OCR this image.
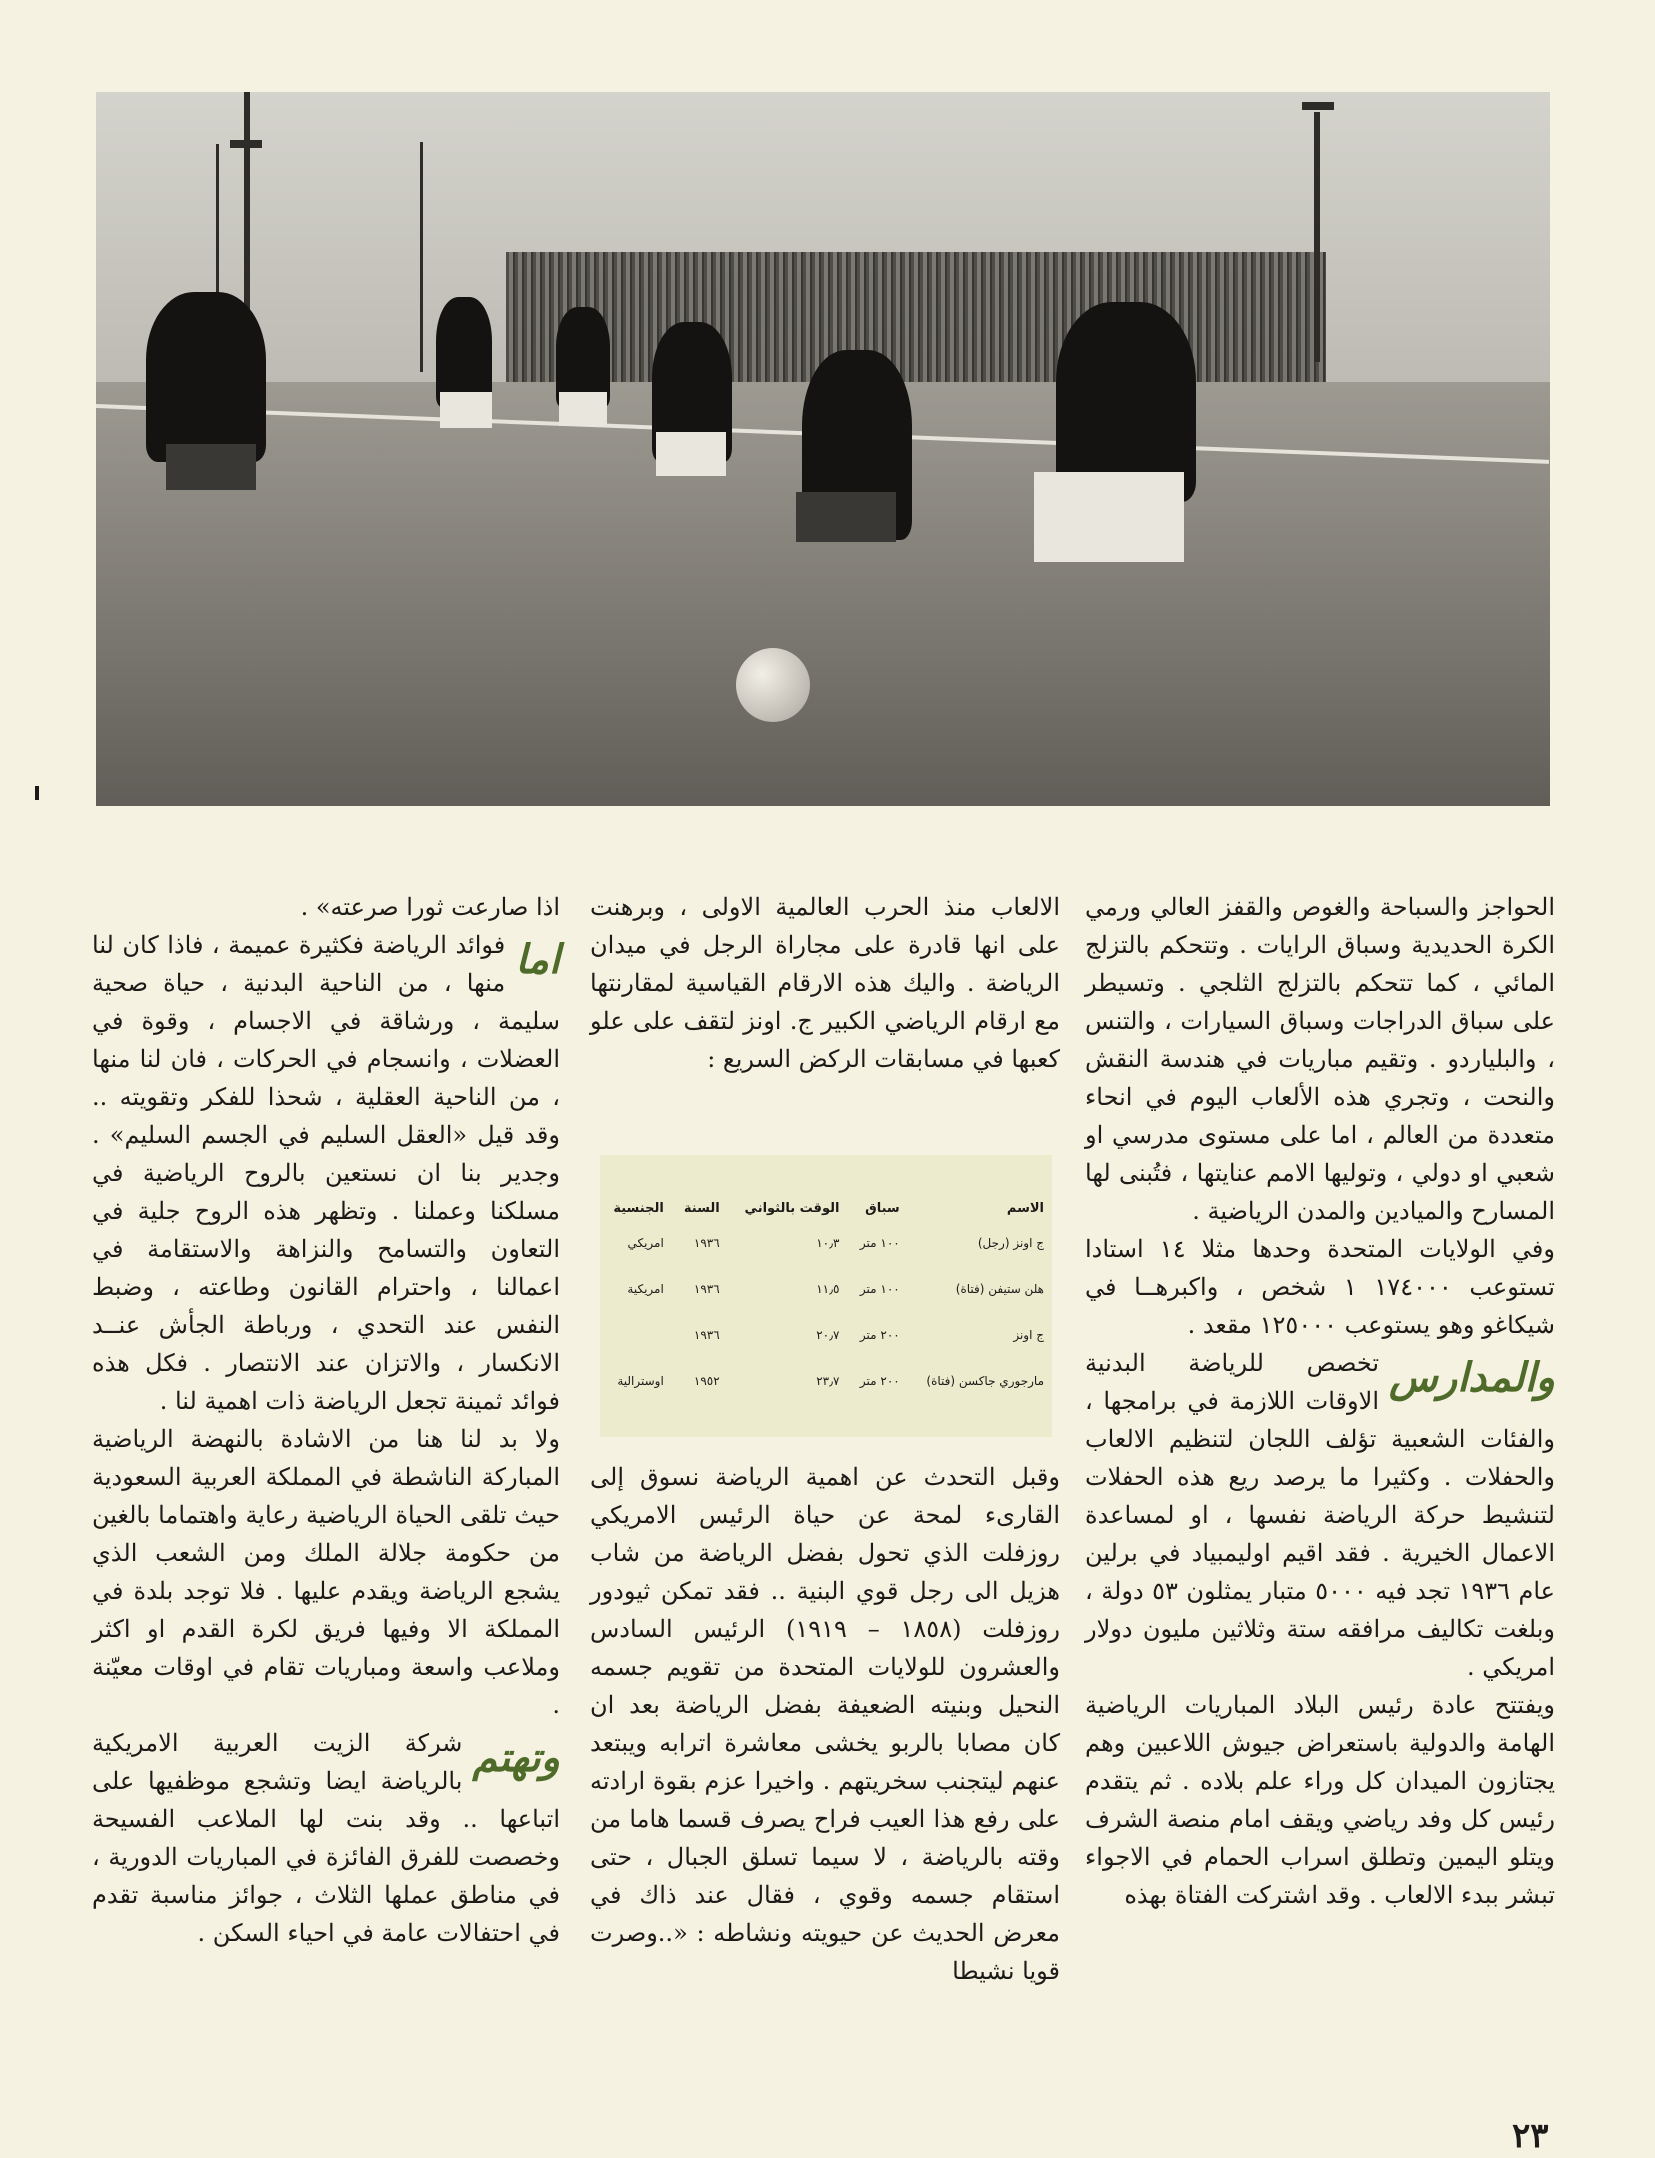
الحواجز والسباحة والغوص والقفز العالي ورمي الكرة الحديدية وسباق الرايات . وتتحكم بالتزلج المائي ، كما تتحكم بالتزلج الثلجي . وتسيطر على سباق الدراجات وسباق السيارات ، والتنس ، والبلياردو . وتقيم مباريات في هندسة النقش والنحت ، وتجري هذه الألعاب اليوم في انحاء متعددة من العالم ، اما على مستوى مدرسي او شعبي او دولي ، وتوليها الامم عنايتها ، فتُبنى لها المسارح والميادين والمدن الرياضية .

وفي الولايات المتحدة وحدها مثلا ١٤ استادا تستوعب ١٧٤٠٠٠ ١ شخص ، واكبرهــا في شيكاغو وهو يستوعب ١٢٥٠٠٠ مقعد .

والمدارس

تخصص للرياضة البدنية الاوقات اللازمة في برامجها ، والفئات الشعبية تؤلف اللجان لتنظيم الالعاب والحفلات . وكثيرا ما يرصد ريع هذه الحفلات لتنشيط حركة الرياضة نفسها ، او لمساعدة الاعمال الخيرية . فقد اقيم اوليمبياد في برلين عام ١٩٣٦ تجد فيه ٥٠٠٠ متبار يمثلون ٥٣ دولة ، وبلغت تكاليف مرافقه ستة وثلاثين مليون دولار امريكي .

ويفتتح عادة رئيس البلاد المباريات الرياضية الهامة والدولية باستعراض جيوش اللاعبين وهم يجتازون الميدان كل وراء علم بلاده . ثم يتقدم رئيس كل وفد رياضي ويقف امام منصة الشرف ويتلو اليمين وتطلق اسراب الحمام في الاجواء تبشر ببدء الالعاب . وقد اشتركت الفتاة بهذه

الالعاب منذ الحرب العالمية الاولى ، وبرهنت على انها قادرة على مجاراة الرجل في ميدان الرياضة . واليك هذه الارقام القياسية لمقارنتها مع ارقام الرياضي الكبير ج. اونز لتقف على علو كعبها في مسابقات الركض السريع :

الاسم	سباق	الوقت بالثواني	السنة	الجنسية
ج اونز (رجل)	١٠٠ متر	١٠٫٣	١٩٣٦	امريكي
هلن ستيفن (فتاة)	١٠٠ متر	١١٫٥	١٩٣٦	امريكية
ج اونز	٢٠٠ متر	٢٠٫٧	١٩٣٦	
مارجوري جاكسن (فتاة)	٢٠٠ متر	٢٣٫٧	١٩٥٢	اوسترالية

وقبل التحدث عن اهمية الرياضة نسوق إلى القارىء لمحة عن حياة الرئيس الامريكي روزفلت الذي تحول بفضل الرياضة من شاب هزيل الى رجل قوي البنية .. فقد تمكن ثيودور روزفلت (١٨٥٨ – ١٩١٩) الرئيس السادس والعشرون للولايات المتحدة من تقويم جسمه النحيل وبنيته الضعيفة بفضل الرياضة بعد ان كان مصابا بالربو يخشى معاشرة اترابه ويبتعد عنهم ليتجنب سخريتهم . واخيرا عزم بقوة ارادته على رفع هذا العيب فراح يصرف قسما هاما من وقته بالرياضة ، لا سيما تسلق الجبال ، حتى استقام جسمه وقوي ، فقال عند ذاك في معرض الحديث عن حيويته ونشاطه : «..وصرت قويا نشيطا

اذا صارعت ثورا صرعته» .

اما

فوائد الرياضة فكثيرة عميمة ، فاذا كان لنا منها ، من الناحية البدنية ، حياة صحية سليمة ، ورشاقة في الاجسام ، وقوة في العضلات ، وانسجام في الحركات ، فان لنا منها ، من الناحية العقلية ، شحذا للفكر وتقويته .. وقد قيل «العقل السليم في الجسم السليم» . وجدير بنا ان نستعين بالروح الرياضية في مسلكنا وعملنا . وتظهر هذه الروح جلية في التعاون والتسامح والنزاهة والاستقامة في اعمالنا ، واحترام القانون وطاعته ، وضبط النفس عند التحدي ، ورباطة الجأش عنــد الانكسار ، والاتزان عند الانتصار . فكل هذه فوائد ثمينة تجعل الرياضة ذات اهمية لنا .

ولا بد لنا هنا من الاشادة بالنهضة الرياضية المباركة الناشطة في المملكة العربية السعودية حيث تلقى الحياة الرياضية رعاية واهتماما بالغين من حكومة جلالة الملك ومن الشعب الذي يشجع الرياضة ويقدم عليها . فلا توجد بلدة في المملكة الا وفيها فريق لكرة القدم او اكثر وملاعب واسعة ومباريات تقام في اوقات معيّنة .

وتهتم

شركة الزيت العربية الامريكية بالرياضة ايضا وتشجع موظفيها على اتباعها .. وقد بنت لها الملاعب الفسيحة وخصصت للفرق الفائزة في المباريات الدورية ، في مناطق عملها الثلاث ، جوائز مناسبة تقدم في احتفالات عامة في احياء السكن .

٢٣
